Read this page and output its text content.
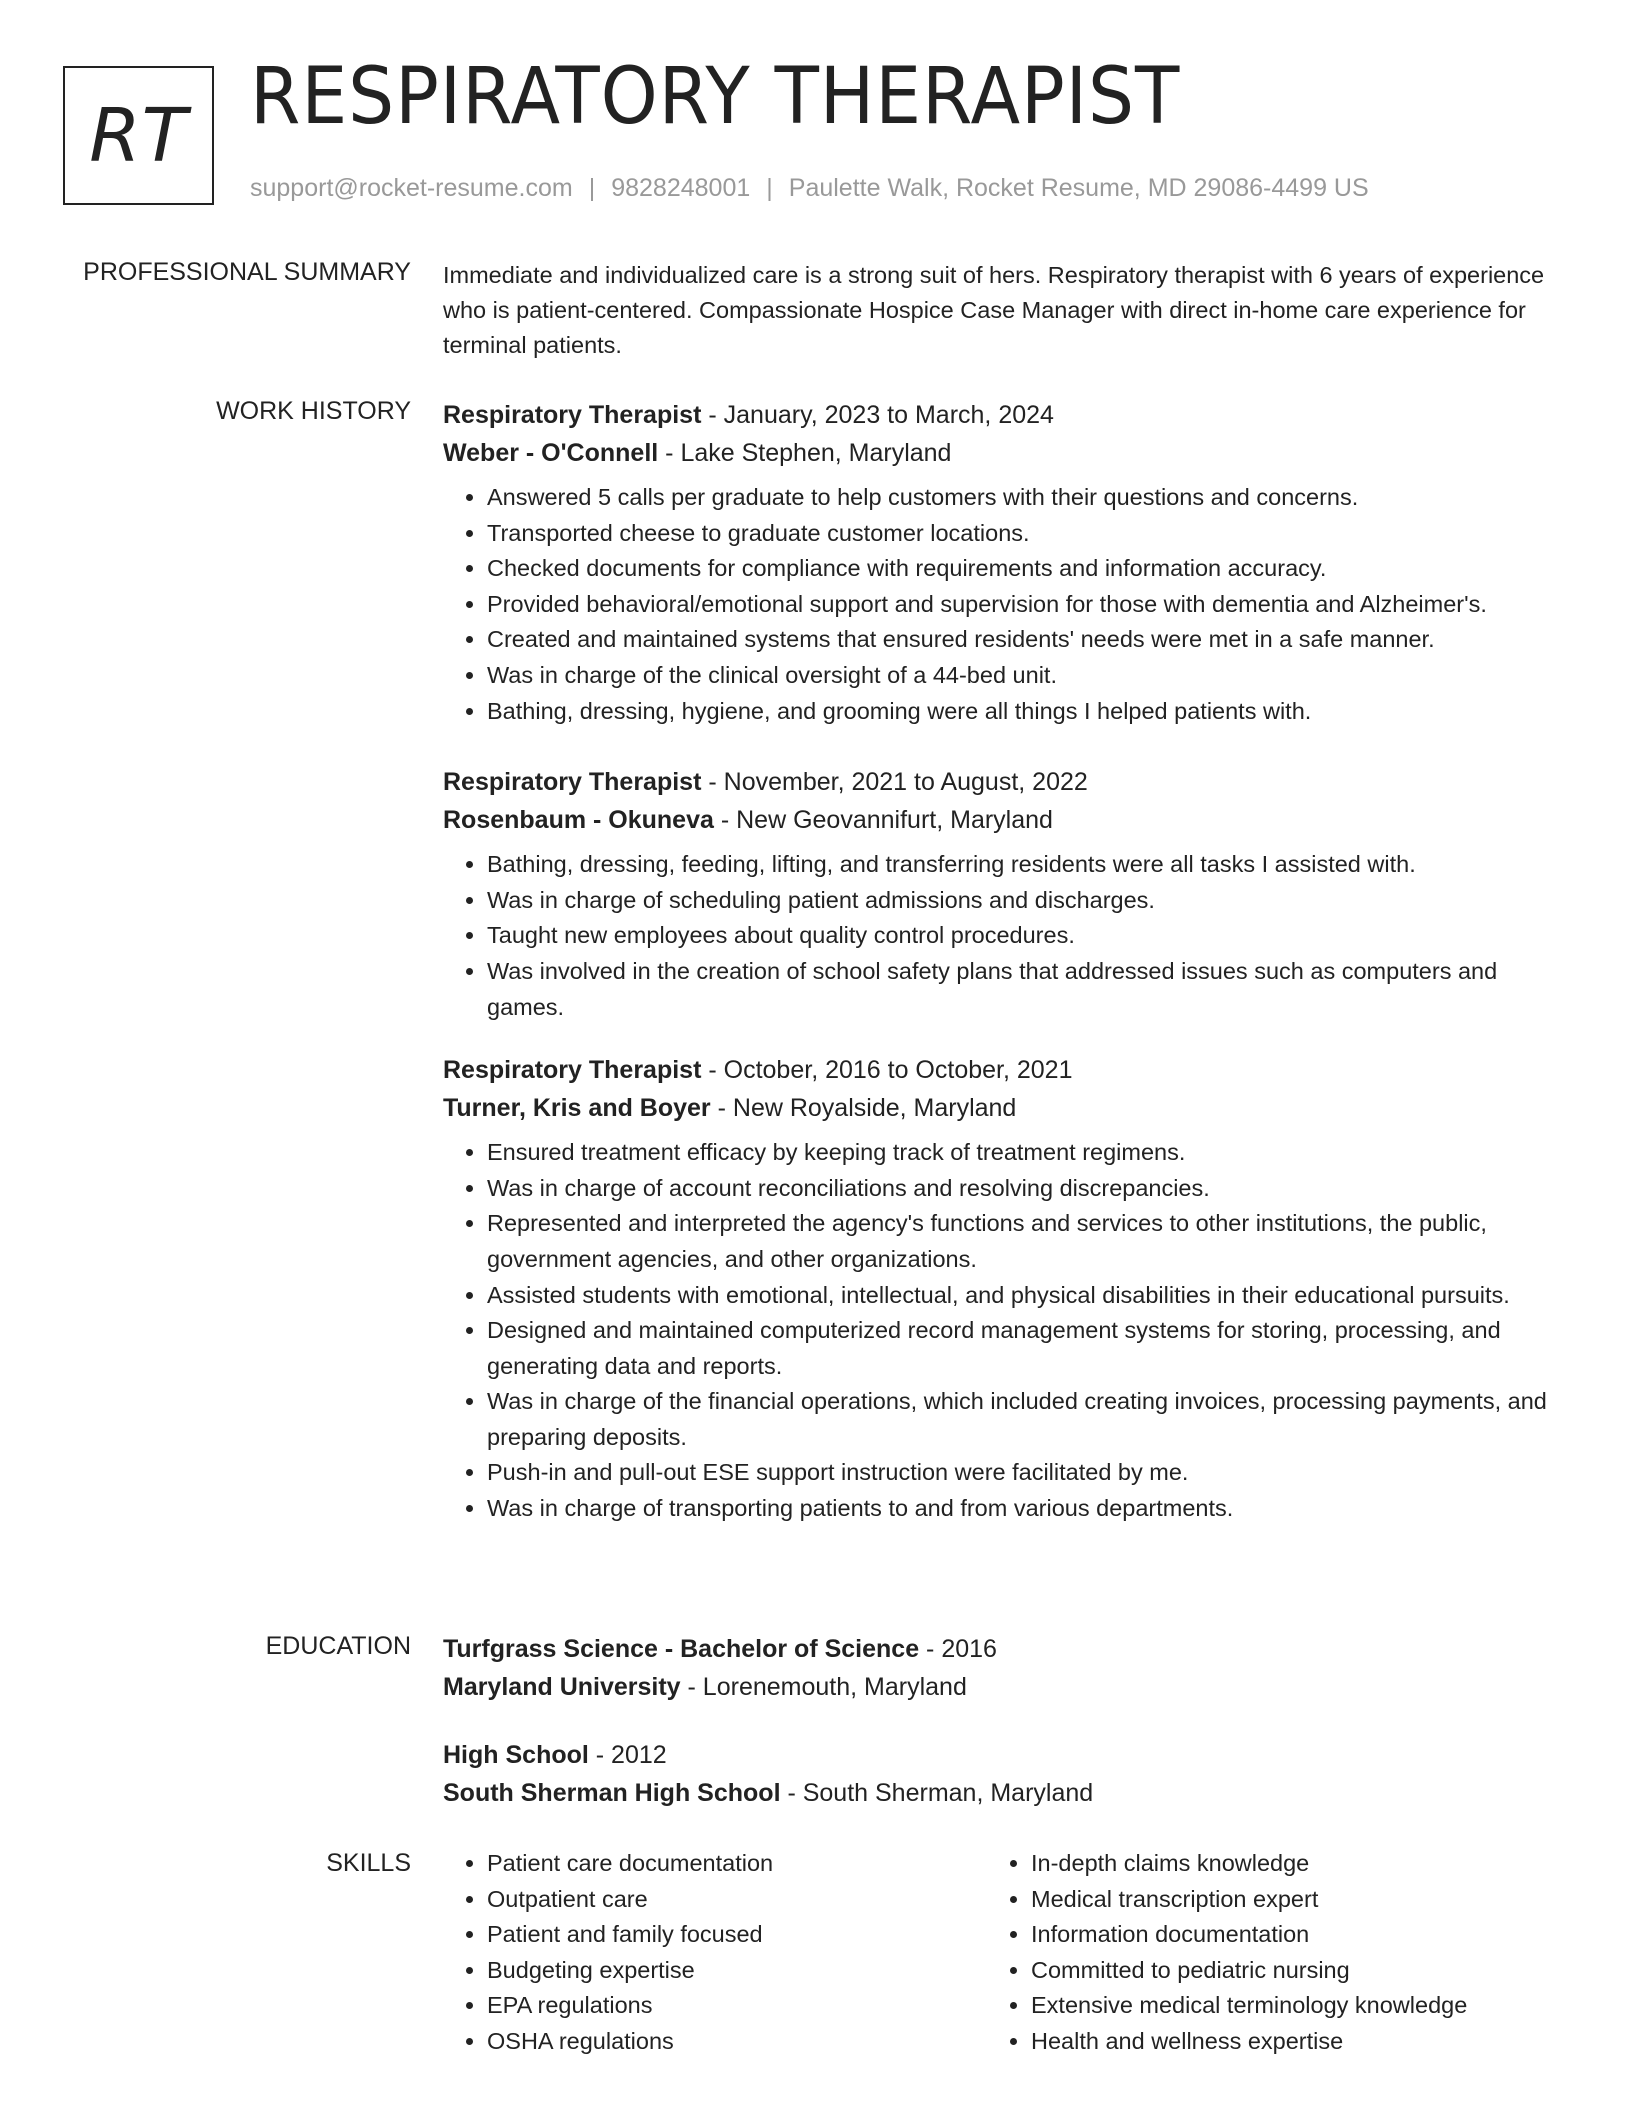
RT RESPIRATORY THERAPIST
support@rocket-resume.com | 9828248001 | Paulette Walk, Rocket Resume, MD 29086-4499 US
PROFESSIONAL SUMMARY Immediate and individualized care is a strong suit of hers. Respiratory therapist with 6 years of experience who is patient-centered. Compassionate Hospice Case Manager with direct in-home care experience for terminal patients.
WORK HISTORY Respiratory Therapist - January, 2023 to March, 2024
Weber - O'Connell - Lake Stephen, Maryland
• Answered 5 calls per graduate to help customers with their questions and concerns.
• Transported cheese to graduate customer locations.
• Checked documents for compliance with requirements and information accuracy.
• Provided behavioral/emotional support and supervision for those with dementia and Alzheimer's.
• Created and maintained systems that ensured residents' needs were met in a safe manner.
• Was in charge of the clinical oversight of a 44-bed unit.
• Bathing, dressing, hygiene, and grooming were all things I helped patients with.
Respiratory Therapist - November, 2021 to August, 2022
Rosenbaum - Okuneva - New Geovannifurt, Maryland
• Bathing, dressing, feeding, lifting, and transferring residents were all tasks I assisted with.
• Was in charge of scheduling patient admissions and discharges.
• Taught new employees about quality control procedures.
• Was involved in the creation of school safety plans that addressed issues such as computers and games.
Respiratory Therapist - October, 2016 to October, 2021
Turner, Kris and Boyer - New Royalside, Maryland
• Ensured treatment efficacy by keeping track of treatment regimens.
• Was in charge of account reconciliations and resolving discrepancies.
• Represented and interpreted the agency's functions and services to other institutions, the public, government agencies, and other organizations.
• Assisted students with emotional, intellectual, and physical disabilities in their educational pursuits.
• Designed and maintained computerized record management systems for storing, processing, and generating data and reports.
• Was in charge of the financial operations, which included creating invoices, processing payments, and preparing deposits.
• Push-in and pull-out ESE support instruction were facilitated by me.
• Was in charge of transporting patients to and from various departments.
EDUCATION Turfgrass Science - Bachelor of Science - 2016
Maryland University - Lorenemouth, Maryland
High School - 2012
South Sherman High School - South Sherman, Maryland
SKILLS
•	Patient care documentation
• Outpatient care
• Patient and family focused
• Budgeting expertise
• EPA regulations
• OSHA regulations
• In-depth claims knowledge
• Medical transcription expert
• Information documentation
• Committed to pediatric nursing
• Extensive medical terminology knowledge
• Health and wellness expertise
